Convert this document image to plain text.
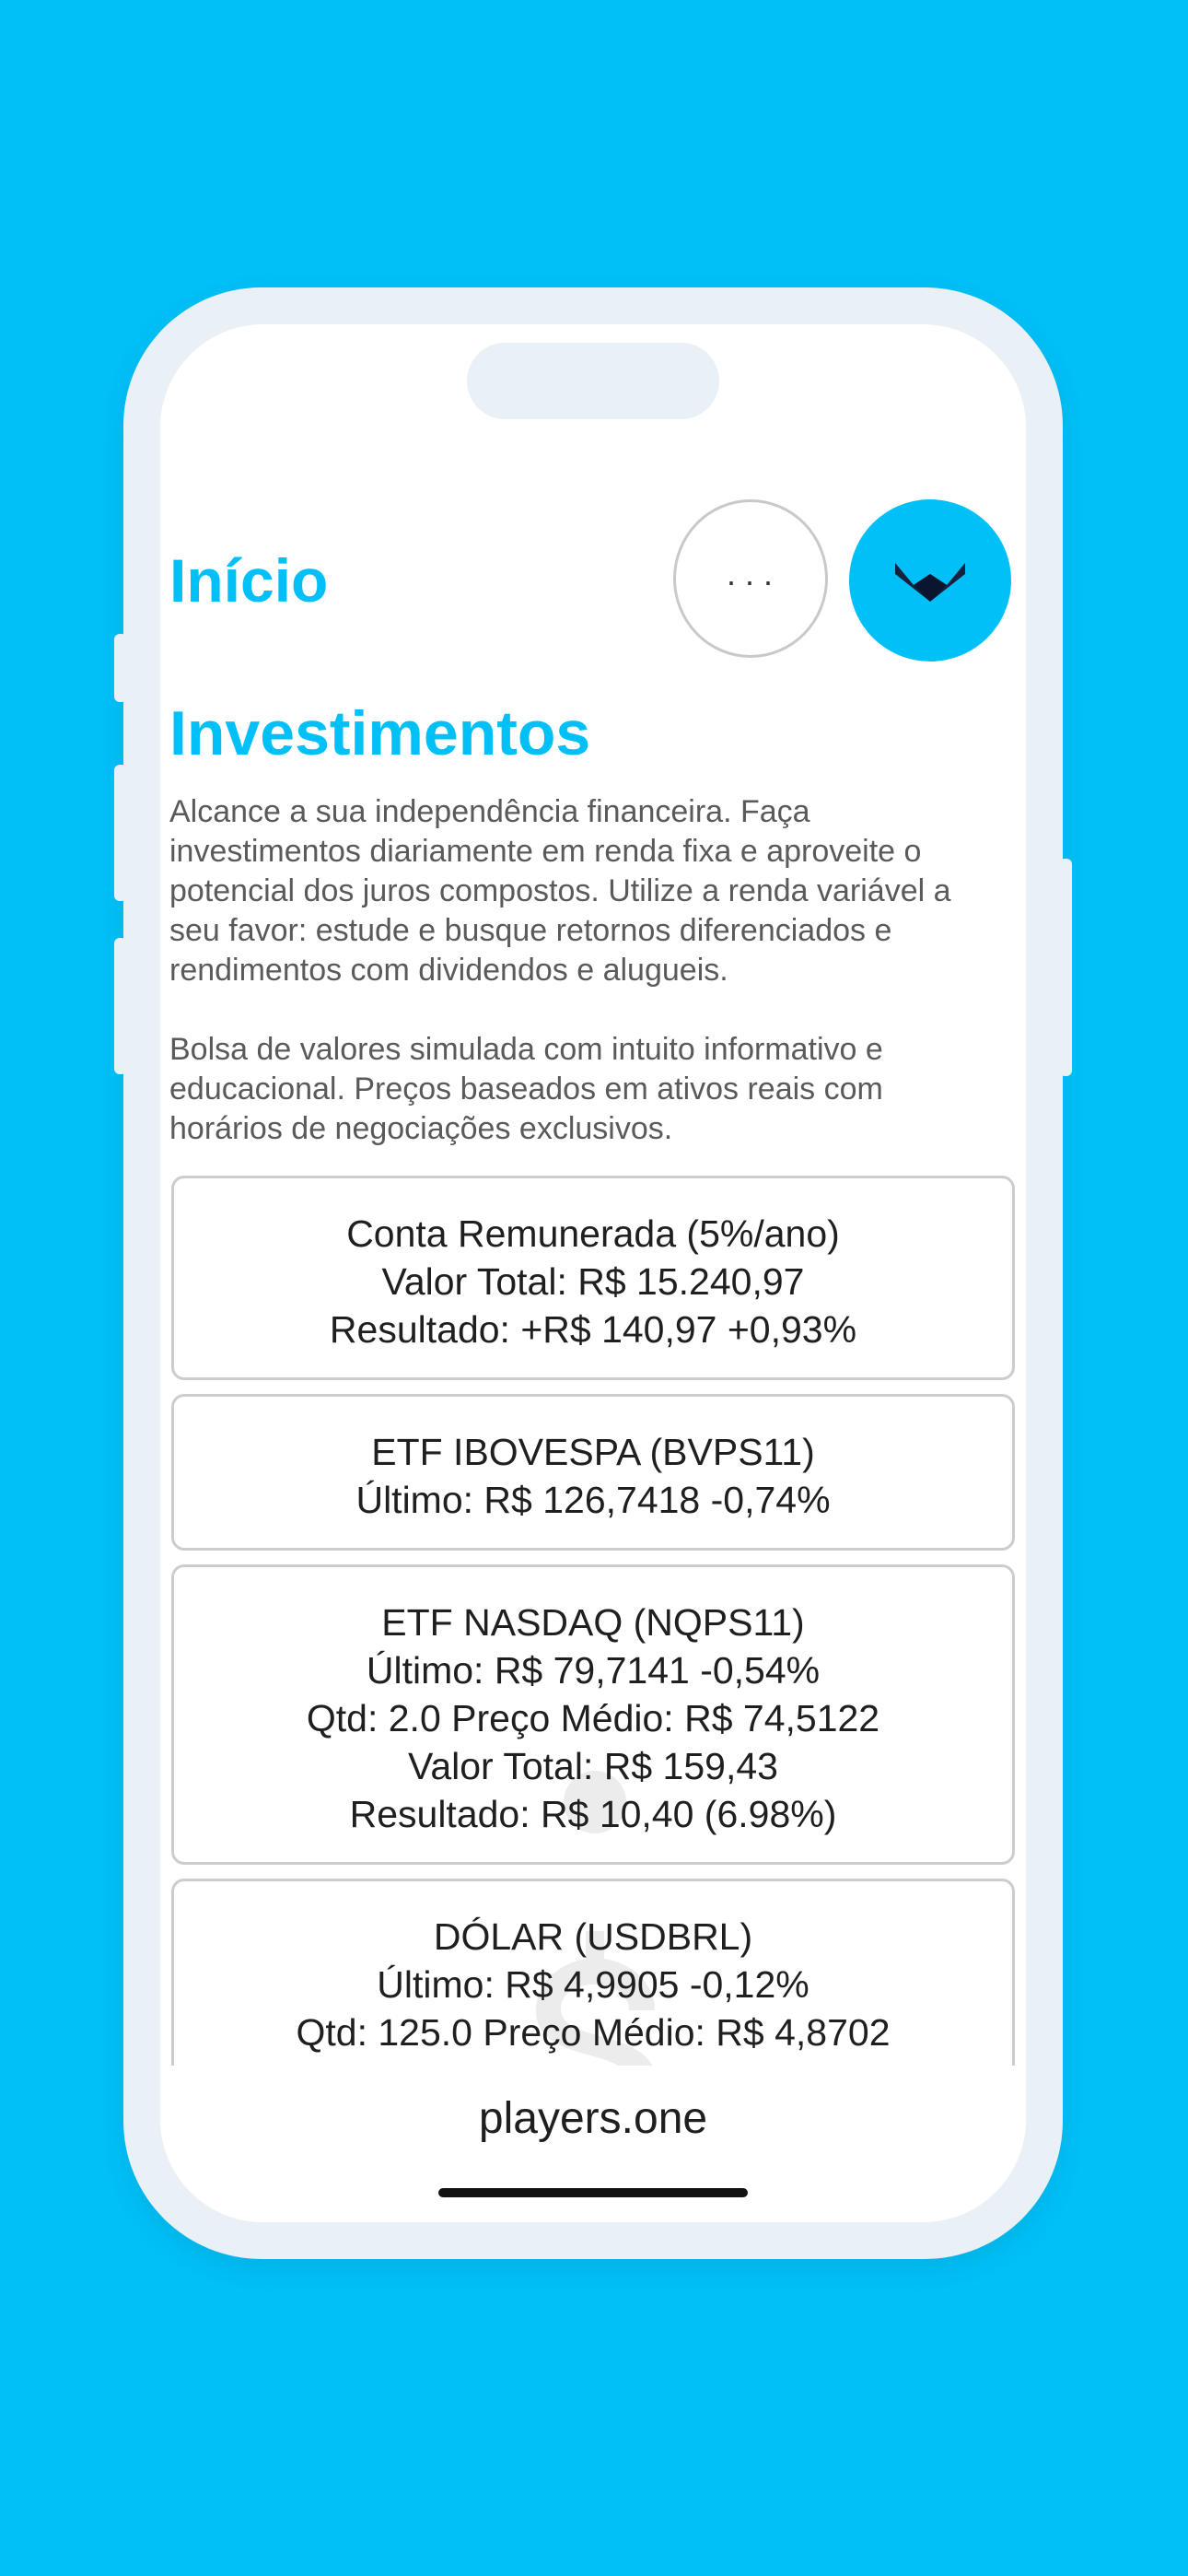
Início	...
Investimentos

Alcance a sua independência financeira. Faça investimentos diariamente em renda fixa e aproveite o potencial dos juros compostos. Utilize a renda variável a seu favor: estude e busque retornos diferenciados e rendimentos com dividendos e alugueis.

Bolsa de valores simulada com intuito informativo e educacional. Preços baseados em ativos reais com horários de negociações exclusivos.

Conta Remunerada (5%/ano)
Valor Total: R$ 15.240,97
Resultado: +R$ 140,97 +0,93%
ETF IBOVESPA (BVPS11)
Último: R$ 126,7418 -0,74%
ETF NASDAQ (NQPS11)
Último: R$ 79,7141 -0,54%
Qtd: 2.0 Preço Médio: R$ 74,5122
Valor Total: R$ 159,43
Resultado: R$ 10,40 (6.98%)
DÓLAR (USDBRL)
Último: R$ 4,9905 -0,12%
Qtd: 125.0 Preço Médio: R$ 4,8702
players.one
